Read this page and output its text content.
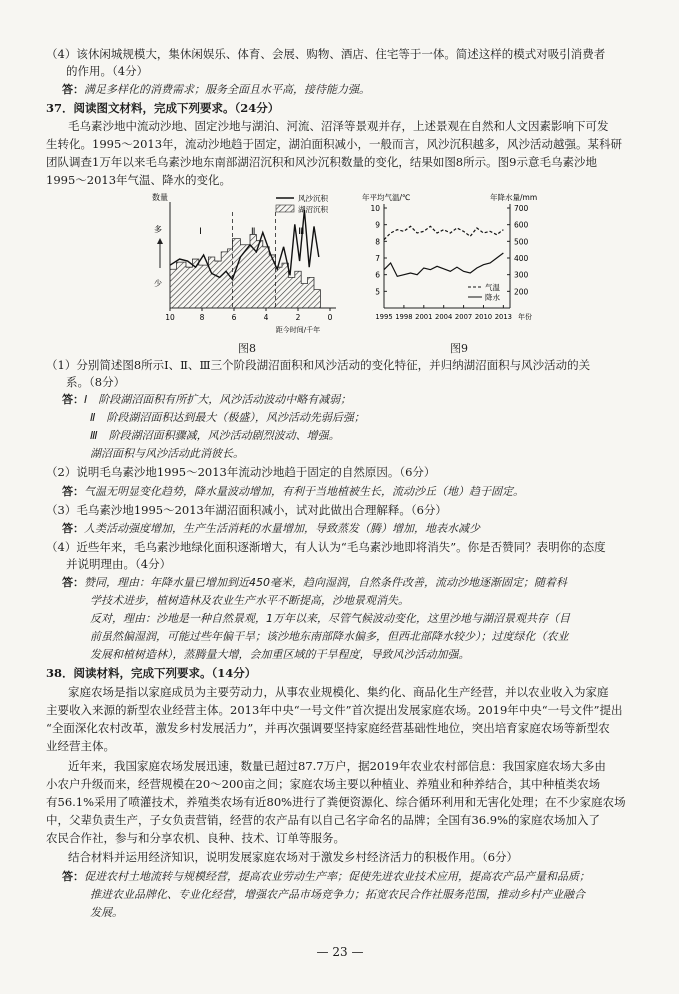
（4）该休闲城规模大，集休闲娱乐、体育、会展、购物、酒店、住宅等于一体。简述这样的模式对吸引消费者
的作用。（4分）
答：满足多样化的消费需求；服务全面且水平高，接待能力强。
37．阅读图文材料，完成下列要求。（24分）
毛乌素沙地中流动沙地、固定沙地与湖泊、河流、沼泽等景观并存，上述景观在自然和人文因素影响下可发
生转化。1995～2013年，流动沙地趋于固定，湖泊面积减小，一般而言，风沙沉积越多，风沙活动越强。某科研
团队调查1万年以来毛乌素沙地东南部湖沼沉积和风沙沉积数量的变化，结果如图8所示。图9示意毛乌素沙地
1995～2013年气温、降水的变化。
Ⅰ	Ⅱ	Ⅲ
数量
多
少
10	8	6	4	2	0
距今时间/千年
风沙沉积
湖沼沉积
图8
年平均气温/℃	年降水量/mm
5
6
7
8
9
10
200
300
400
500
600
700
1995 1998 2001 2004 2007 2010 2013 年份
气温
降水
图9
（1）分别简述图8所示Ⅰ、Ⅱ、Ⅲ三个阶段湖沼面积和风沙活动的变化特征，并归纳湖沼面积与风沙活动的关
系。（8分）
答：Ⅰ　阶段湖沼面积有所扩大，风沙活动波动中略有减弱；
Ⅱ　阶段湖沼面积达到最大（极盛），风沙活动先弱后强；
Ⅲ　阶段湖沼面积骤减，风沙活动剧烈波动、增强。
湖沼面积与风沙活动此消彼长。
（2）说明毛乌素沙地1995～2013年流动沙地趋于固定的自然原因。（6分）
答：气温无明显变化趋势，降水量波动增加，有利于当地植被生长，流动沙丘（地）趋于固定。
（3）毛乌素沙地1995～2013年湖沼面积减小，试对此做出合理解释。（6分）
答：人类活动强度增加，生产生活消耗的水量增加，导致蒸发（腾）增加，地表水减少
（4）近些年来，毛乌素沙地绿化面积逐渐增大，有人认为“毛乌素沙地即将消失”。你是否赞同？表明你的态度
并说明理由。（4分）
答：赞同，理由：年降水量已增加到近450毫米，趋向湿润，自然条件改善，流动沙地逐渐固定；随着科
学技术进步，植树造林及农业生产水平不断提高，沙地景观消失。
反对，理由：沙地是一种自然景观，1万年以来，尽管气候波动变化，这里沙地与湖沼景观共存（目
前虽然偏湿润，可能过些年偏干旱；该沙地东南部降水偏多，但西北部降水较少）；过度绿化（农业
发展和植树造林），蒸腾量大增，会加重区域的干旱程度，导致风沙活动加强。
38．阅读材料，完成下列要求。（14分）
家庭农场是指以家庭成员为主要劳动力，从事农业规模化、集约化、商品化生产经营，并以农业收入为家庭
主要收入来源的新型农业经营主体。2013年中央“一号文件”首次提出发展家庭农场。2019年中央“一号文件”提出
“全面深化农村改革，激发乡村发展活力”，并再次强调要坚持家庭经营基础性地位，突出培育家庭农场等新型农
业经营主体。
近年来，我国家庭农场发展迅速，数量已超过87.7万户，据2019年农业农村部信息：我国家庭农场大多由
小农户升级而来，经营规模在20～200亩之间；家庭农场主要以种植业、养殖业和种养结合，其中种植类农场
有56.1%采用了喷灌技术，养殖类农场有近80%进行了粪便资源化、综合循环利用和无害化处理；在不少家庭农场
中，父辈负责生产，子女负责营销，经营的农产品有以自己名字命名的品牌；全国有36.9%的家庭农场加入了
农民合作社，参与和分享农机、良种、技术、订单等服务。
结合材料并运用经济知识，说明发展家庭农场对于激发乡村经济活力的积极作用。（6分）
答：促进农村土地流转与规模经营，提高农业劳动生产率；促使先进农业技术应用，提高农产品产量和品质；
推进农业品牌化、专业化经营，增强农产品市场竞争力；拓宽农民合作社服务范围，推动乡村产业融合
发展。
— 23 —
